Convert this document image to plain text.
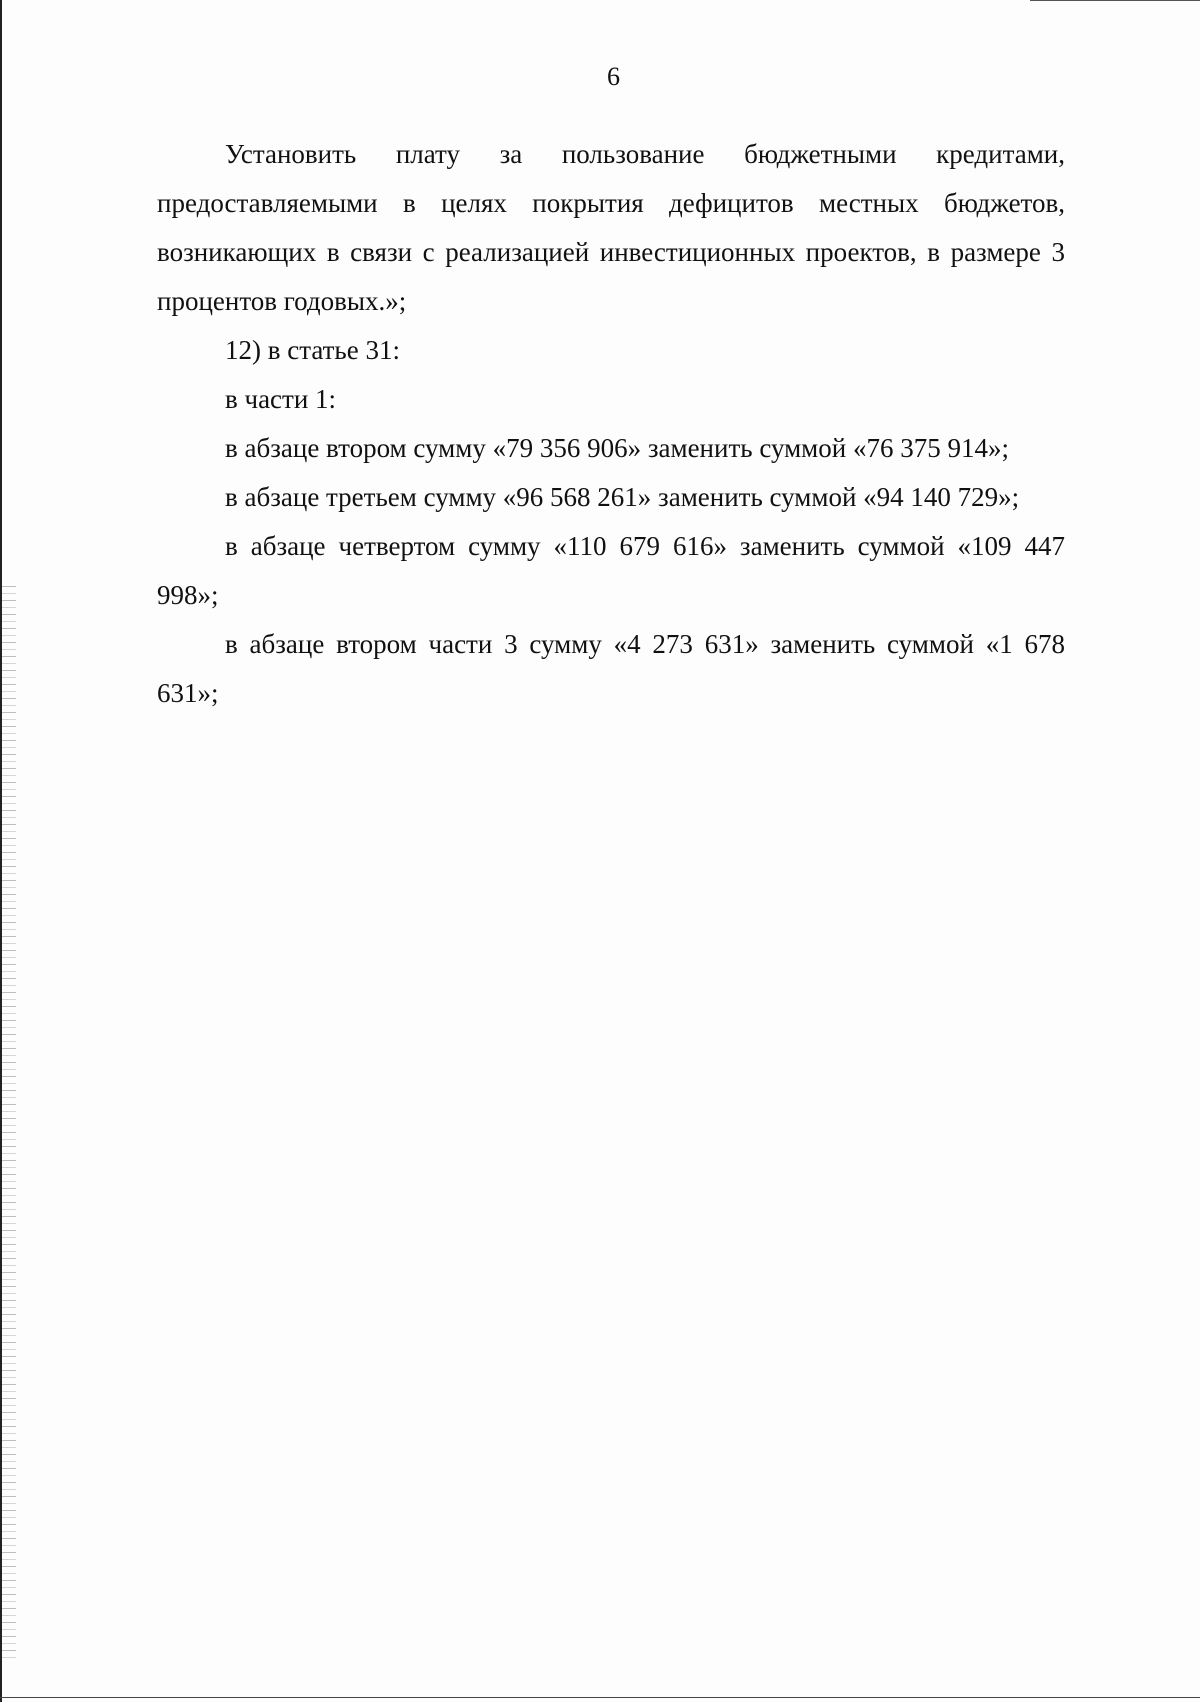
6

Установить плату за пользование бюджетными кредитами, предоставляемыми в целях покрытия дефицитов местных бюджетов, возникающих в связи с реализацией инвестиционных проектов, в размере 3 процентов годовых.»;

12) в статье 31:

в части 1:

в абзаце втором сумму «79 356 906» заменить суммой «76 375 914»;

в абзаце третьем сумму «96 568 261» заменить суммой «94 140 729»;

в абзаце четвертом сумму «110 679 616» заменить суммой «109 447 998»;

в абзаце втором части 3 сумму «4 273 631» заменить суммой «1 678 631»;
